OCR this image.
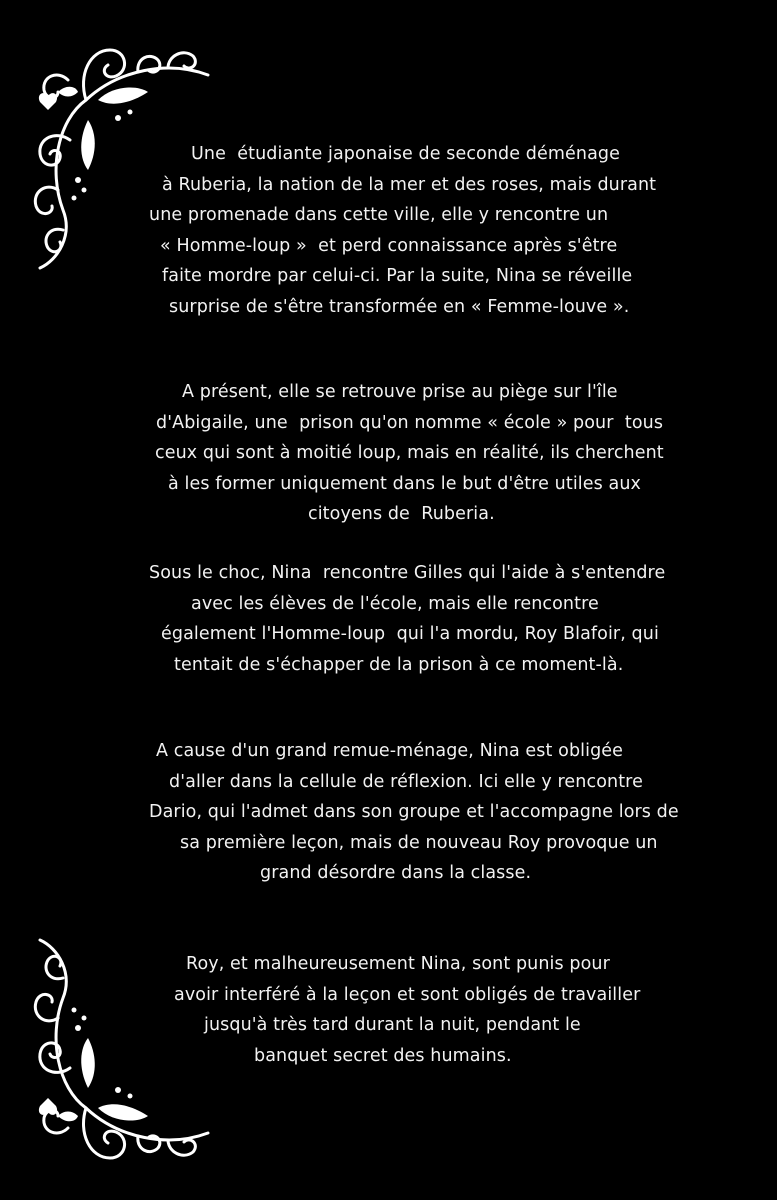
Une  étudiante japonaise de seconde déménage
à Ruberia, la nation de la mer et des roses, mais durant
une promenade dans cette ville, elle y rencontre un
« Homme-loup »  et perd connaissance après s'être
faite mordre par celui-ci. Par la suite, Nina se réveille
surprise de s'être transformée en « Femme-louve ».

A présent, elle se retrouve prise au piège sur l'île
d'Abigaile, une  prison qu'on nomme « école » pour  tous
ceux qui sont à moitié loup, mais en réalité, ils cherchent
à les former uniquement dans le but d'être utiles aux
citoyens de  Ruberia.

Sous le choc, Nina  rencontre Gilles qui l'aide à s'entendre
avec les élèves de l'école, mais elle rencontre
également l'Homme-loup  qui l'a mordu, Roy Blafoir, qui
tentait de s'échapper de la prison à ce moment-là.

A cause d'un grand remue-ménage, Nina est obligée
d'aller dans la cellule de réflexion. Ici elle y rencontre
Dario, qui l'admet dans son groupe et l'accompagne lors de
sa première leçon, mais de nouveau Roy provoque un
grand désordre dans la classe.

Roy, et malheureusement Nina, sont punis pour
avoir interféré à la leçon et sont obligés de travailler
jusqu'à très tard durant la nuit, pendant le
banquet secret des humains.
